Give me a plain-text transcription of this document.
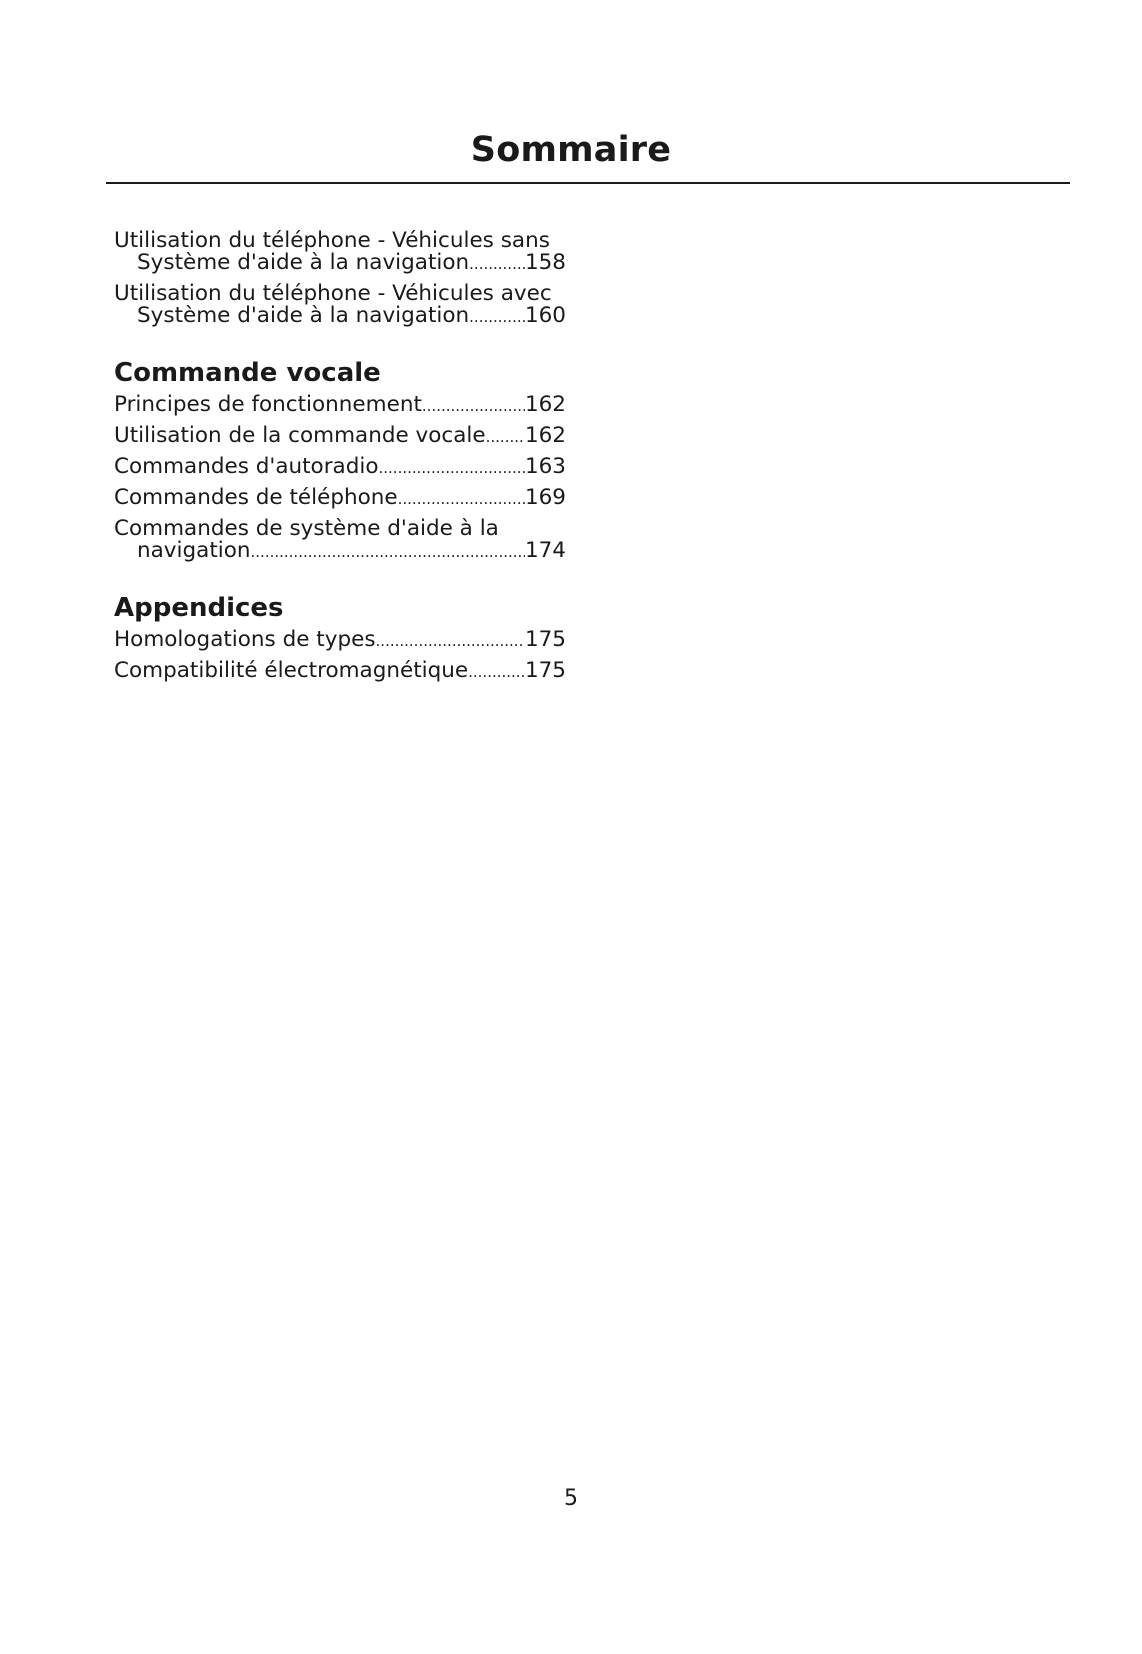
Sommaire
Utilisation du téléphone - Véhicules sans
Système d'aide à la navigation .....	158
Utilisation du téléphone - Véhicules avec
Système d'aide à la navigation .....	160
Commande vocale
Principes de fonctionnement .....	162
Utilisation de la commande vocale ..... 162
Commandes d'autoradio .....	163
Commandes de téléphone .....	169
Commandes de système d'aide à la
navigation .....	174
Appendices
Homologations de types .....	175
Compatibilité électromagnétique .....	175
5
